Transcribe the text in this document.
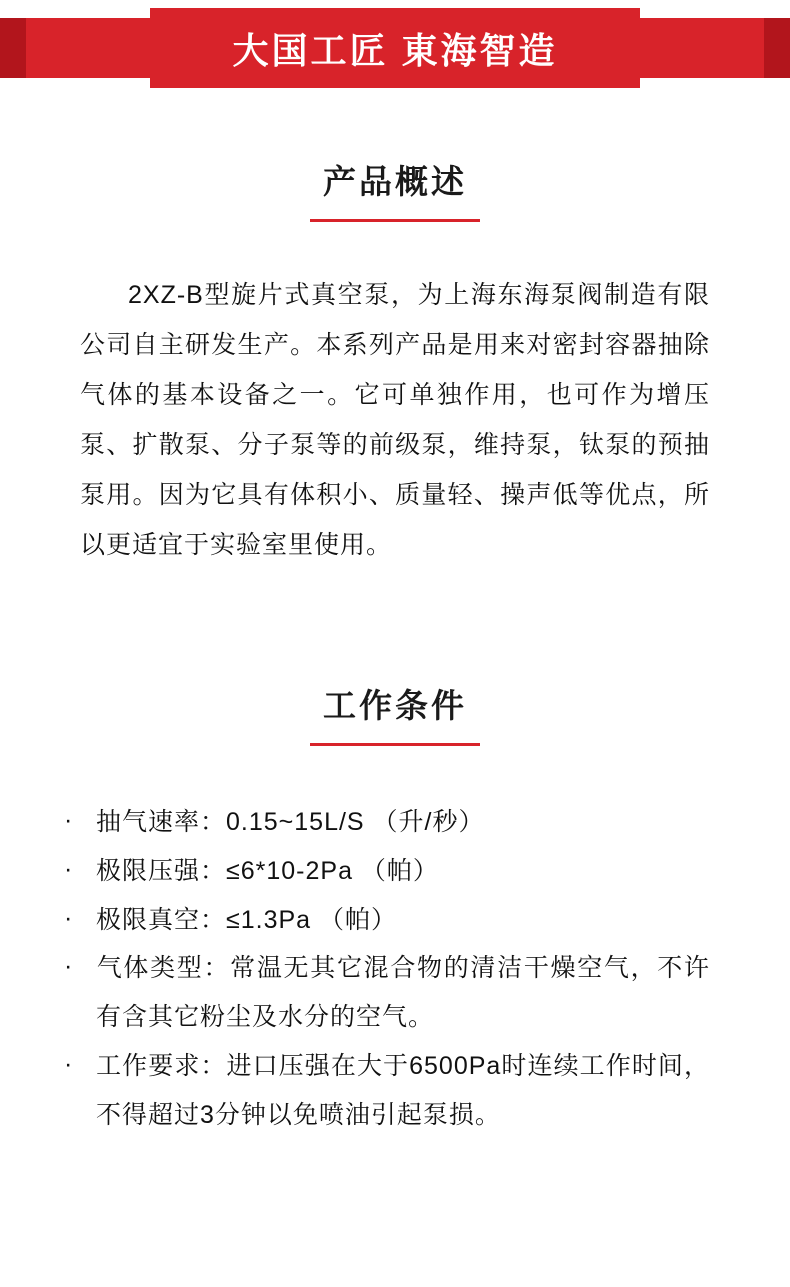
大国工匠 東海智造
产品概述

2XZ-B型旋片式真空泵，为上海东海泵阀制造有限公司自主研发生产。本系列产品是用来对密封容器抽除气体的基本设备之一。它可单独作用，也可作为增压泵、扩散泵、分子泵等的前级泵，维持泵，钛泵的预抽泵用。因为它具有体积小、质量轻、操声低等优点，所以更适宜于实验室里使用。

工作条件
· 抽气速率：0.15~15L/S （升/秒）
· 极限压强：≤6*10-2Pa （帕）
· 极限真空：≤1.3Pa （帕）
· 气体类型：常温无其它混合物的清洁干燥空气，不许有含其它粉尘及水分的空气。
· 工作要求：进口压强在大于6500Pa时连续工作时间，不得超过3分钟以免喷油引起泵损。
